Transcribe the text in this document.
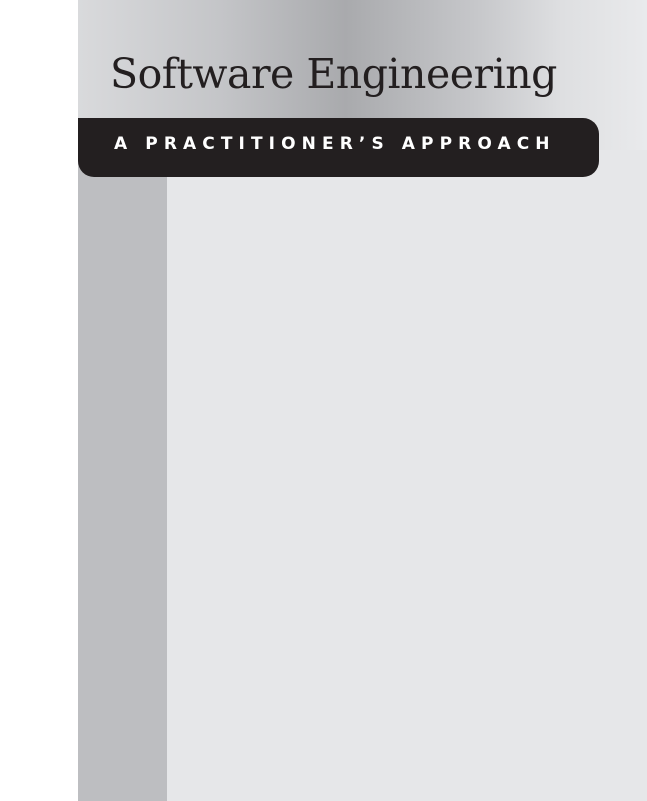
Software Engineering
A PRACTITIONER’S APPROACH
